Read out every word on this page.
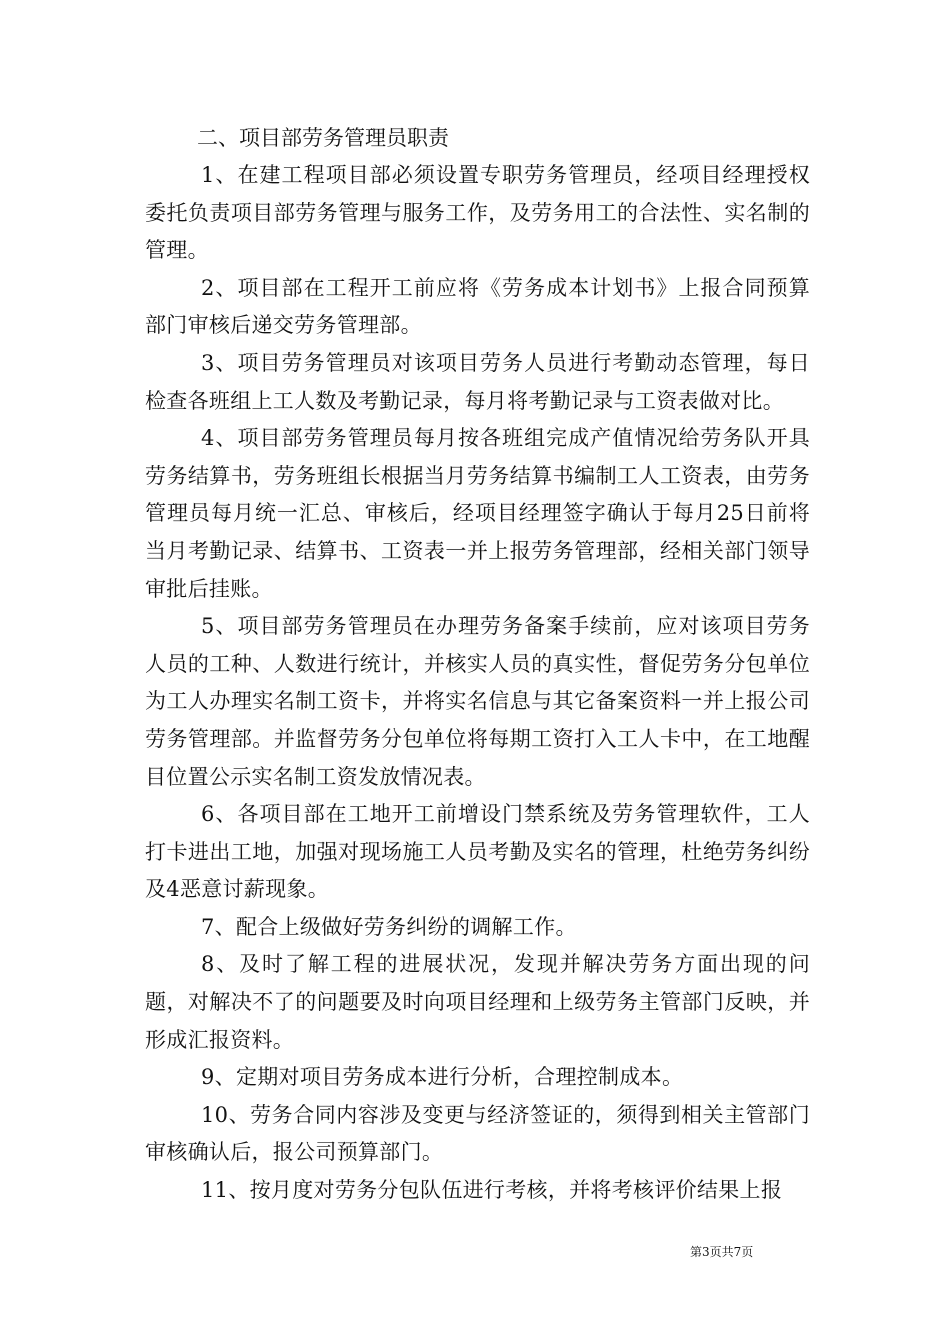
二、项目部劳务管理员职责

1、在建工程项目部必须设置专职劳务管理员，经项目经理授权委托负责项目部劳务管理与服务工作，及劳务用工的合法性、实名制的管理。

2、项目部在工程开工前应将《劳务成本计划书》上报合同预算部门审核后递交劳务管理部。

3、项目劳务管理员对该项目劳务人员进行考勤动态管理，每日检查各班组上工人数及考勤记录，每月将考勤记录与工资表做对比。

4、项目部劳务管理员每月按各班组完成产值情况给劳务队开具劳务结算书，劳务班组长根据当月劳务结算书编制工人工资表，由劳务管理员每月统一汇总、审核后，经项目经理签字确认于每月25日前将当月考勤记录、结算书、工资表一并上报劳务管理部，经相关部门领导审批后挂账。

5、项目部劳务管理员在办理劳务备案手续前，应对该项目劳务人员的工种、人数进行统计，并核实人员的真实性，督促劳务分包单位为工人办理实名制工资卡，并将实名信息与其它备案资料一并上报公司劳务管理部。并监督劳务分包单位将每期工资打入工人卡中，在工地醒目位置公示实名制工资发放情况表。

6、各项目部在工地开工前增设门禁系统及劳务管理软件，工人打卡进出工地，加强对现场施工人员考勤及实名的管理，杜绝劳务纠纷及4恶意讨薪现象。

7、配合上级做好劳务纠纷的调解工作。

8、及时了解工程的进展状况，发现并解决劳务方面出现的问题，对解决不了的问题要及时向项目经理和上级劳务主管部门反映，并形成汇报资料。

9、定期对项目劳务成本进行分析，合理控制成本。

10、劳务合同内容涉及变更与经济签证的，须得到相关主管部门审核确认后，报公司预算部门。

11、按月度对劳务分包队伍进行考核，并将考核评价结果上报

第3页共7页
